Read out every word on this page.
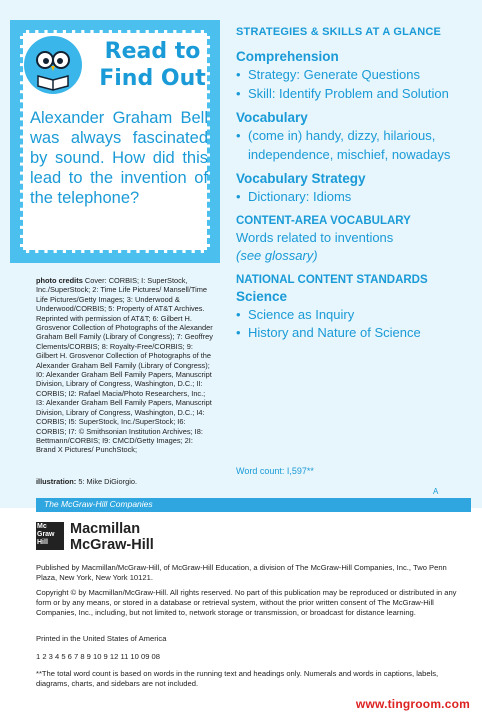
Read to
Find Out
Alexander Graham Bell was always fascinated by sound. How did this lead to the invention of the telephone?
photo credits Cover: CORBIS; I: SuperStock, Inc./SuperStock; 2: Time Life Pictures/ Mansell/Time Life Pictures/Getty Images; 3: Underwood & Underwood/CORBIS; 5: Property of AT&T Archives. Reprinted with permission of AT&T; 6: Gilbert H. Grosvenor Collection of Photographs of the Alexander Graham Bell Family (Library of Congress); 7: Geoffrey Clements/CORBIS; 8: Royalty-Free/CORBIS; 9: Gilbert H. Grosvenor Collection of Photographs of the Alexander Graham Bell Family (Library of Congress); I0: Alexander Graham Bell Family Papers, Manuscript Division, Library of Congress, Washington, D.C.; II: CORBIS; I2: Rafael Macia/Photo Researchers, Inc.; I3: Alexander Graham Bell Family Papers, Manuscript Division, Library of Congress, Washington, D.C.; I4: CORBIS; I5: SuperStock, Inc./SuperStock; I6: CORBIS; I7: © Smithsonian Institution Archives; I8: Bettmann/CORBIS; I9: CMCD/Getty Images; 2I: Brand X Pictures/ PunchStock;
illustration: 5: Mike DiGiorgio.
STRATEGIES & SKILLS AT A GLANCE
Comprehension
• Strategy: Generate Questions
• Skill: Identify Problem and Solution
Vocabulary
• (come in) handy, dizzy, hilarious, independence, mischief, nowadays
Vocabulary Strategy
• Dictionary: Idioms
CONTENT-AREA VOCABULARY
Words related to inventions
(see glossary)
NATIONAL CONTENT STANDARDS
Science
• Science as Inquiry
• History and Nature of Science
Word count: I,597**
A
The McGraw-Hill Companies
Mc
Graw
Hill
Macmillan
McGraw-Hill
Published by Macmillan/McGraw-Hill, of McGraw-Hill Education, a division of The McGraw-Hill Companies, Inc., Two Penn Plaza, New York, New York 10121.
Copyright © by Macmillan/McGraw-Hill. All rights reserved. No part of this publication may be reproduced or distributed in any form or by any means, or stored in a database or retrieval system, without the prior written consent of The McGraw-Hill Companies, Inc., including, but not limited to, network storage or transmission, or broadcast for distance learning.
Printed in the United States of America
1 2 3 4 5 6 7 8 9 10 9 12 11 10 09 08
**The total word count is based on words in the running text and headings only. Numerals and words in captions, labels, diagrams, charts, and sidebars are not included.
www.tingroom.com
